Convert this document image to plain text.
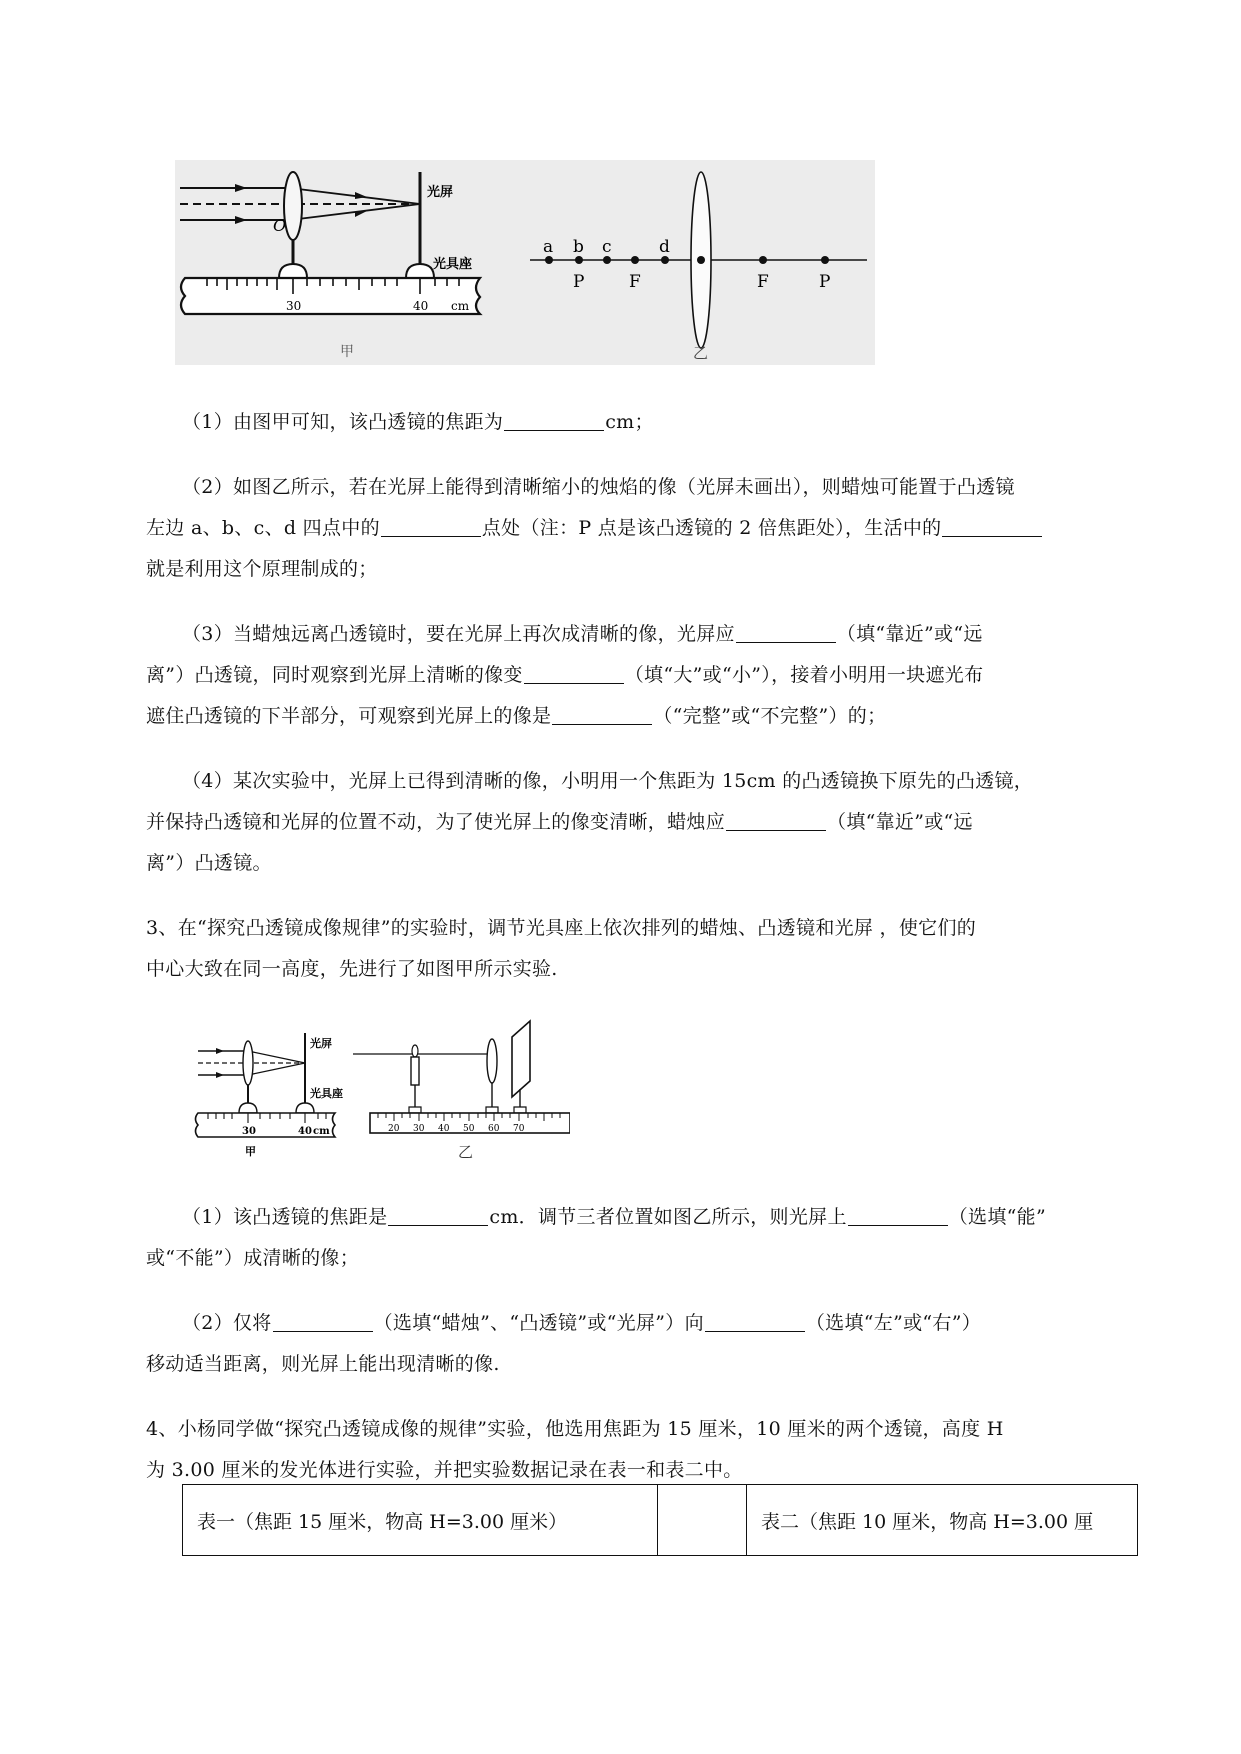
O
光屏
光具座
30	40 cm
甲
a b c	d
P	F	F	P
乙
（1）由图甲可知，该凸透镜的焦距为	cm；
（2）如图乙所示，若在光屏上能得到清晰缩小的烛焰的像（光屏未画出），则蜡烛可能置于凸透镜
左边 a、b、c、d 四点中的	点处（注：P 点是该凸透镜的 2 倍焦距处），生活中的
就是利用这个原理制成的；
（3）当蜡烛远离凸透镜时，要在光屏上再次成清晰的像，光屏应	（填“靠近”或“远
离”）凸透镜，同时观察到光屏上清晰的像变	（填“大”或“小”），接着小明用一块遮光布
遮住凸透镜的下半部分，可观察到光屏上的像是	（“完整”或“不完整”）的；
（4）某次实验中，光屏上已得到清晰的像，小明用一个焦距为 15cm 的凸透镜换下原先的凸透镜，
并保持凸透镜和光屏的位置不动，为了使光屏上的像变清晰，蜡烛应	（填“靠近”或“远
离”）凸透镜。
3、在“探究凸透镜成像规律”的实验时，调节光具座上依次排列的蜡烛、凸透镜和光屏 ，使它们的
中心大致在同一高度，先进行了如图甲所示实验.
光屏
光具座
30	40 cm
甲
20 30 40 50 60 70
乙
（1）该凸透镜的焦距是	cm．调节三者位置如图乙所示，则光屏上	（选填“能”
或“不能”）成清晰的像；
（2）仅将	（选填“蜡烛”、“凸透镜”或“光屏”）向	（选填“左”或“右”）
移动适当距离，则光屏上能出现清晰的像.
4、小杨同学做“探究凸透镜成像的规律”实验，他选用焦距为 15 厘米，10 厘米的两个透镜，高度 H
为 3.00 厘米的发光体进行实验，并把实验数据记录在表一和表二中。
表一（焦距 15 厘米，物高 H=3.00 厘米）		表二（焦距 10 厘米，物高 H=3.00 厘
